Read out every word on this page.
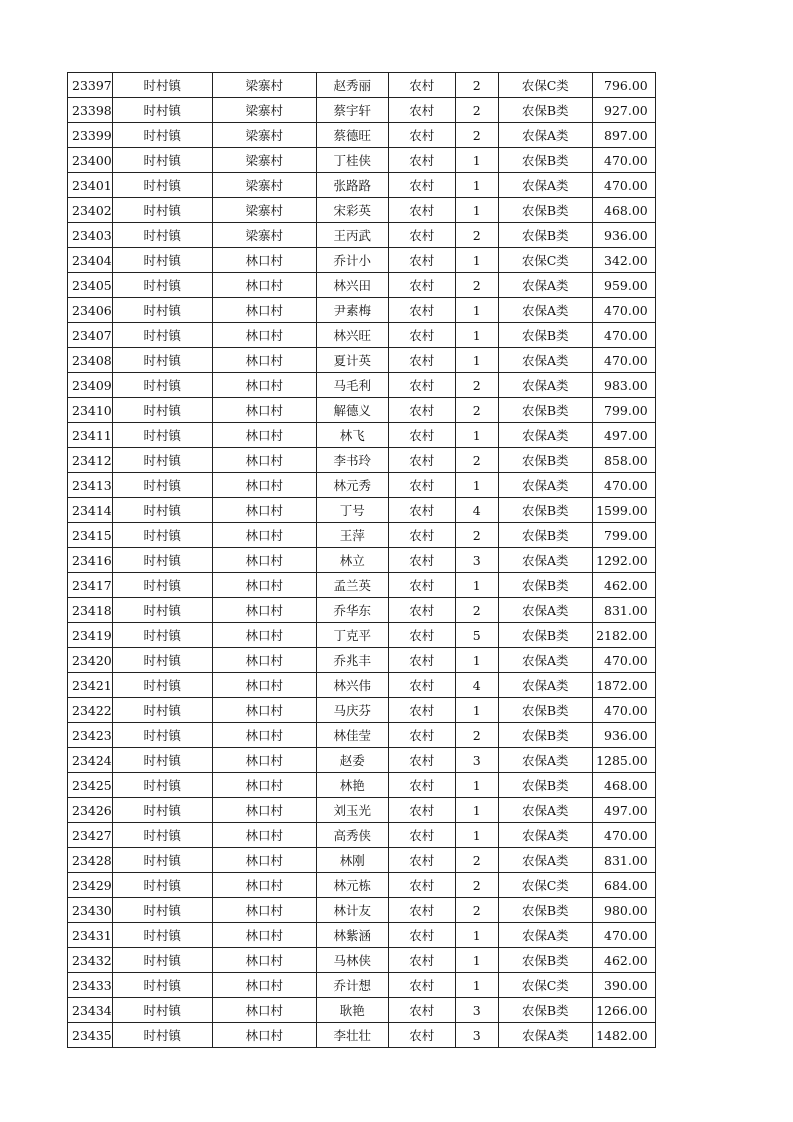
23397	时村镇	梁寨村	赵秀丽	农村	2	农保C类	796.00
23398	时村镇	梁寨村	蔡宇轩	农村	2	农保B类	927.00
23399	时村镇	梁寨村	蔡德旺	农村	2	农保A类	897.00
23400	时村镇	梁寨村	丁桂侠	农村	1	农保B类	470.00
23401	时村镇	梁寨村	张路路	农村	1	农保A类	470.00
23402	时村镇	梁寨村	宋彩英	农村	1	农保B类	468.00
23403	时村镇	梁寨村	王丙武	农村	2	农保B类	936.00
23404	时村镇	林口村	乔计小	农村	1	农保C类	342.00
23405	时村镇	林口村	林兴田	农村	2	农保A类	959.00
23406	时村镇	林口村	尹素梅	农村	1	农保A类	470.00
23407	时村镇	林口村	林兴旺	农村	1	农保B类	470.00
23408	时村镇	林口村	夏计英	农村	1	农保A类	470.00
23409	时村镇	林口村	马毛利	农村	2	农保A类	983.00
23410	时村镇	林口村	解德义	农村	2	农保B类	799.00
23411	时村镇	林口村	林飞	农村	1	农保A类	497.00
23412	时村镇	林口村	李书玲	农村	2	农保B类	858.00
23413	时村镇	林口村	林元秀	农村	1	农保A类	470.00
23414	时村镇	林口村	丁号	农村	4	农保B类	1599.00
23415	时村镇	林口村	王萍	农村	2	农保B类	799.00
23416	时村镇	林口村	林立	农村	3	农保A类	1292.00
23417	时村镇	林口村	孟兰英	农村	1	农保B类	462.00
23418	时村镇	林口村	乔华东	农村	2	农保A类	831.00
23419	时村镇	林口村	丁克平	农村	5	农保B类	2182.00
23420	时村镇	林口村	乔兆丰	农村	1	农保A类	470.00
23421	时村镇	林口村	林兴伟	农村	4	农保A类	1872.00
23422	时村镇	林口村	马庆芬	农村	1	农保B类	470.00
23423	时村镇	林口村	林佳莹	农村	2	农保B类	936.00
23424	时村镇	林口村	赵委	农村	3	农保A类	1285.00
23425	时村镇	林口村	林艳	农村	1	农保B类	468.00
23426	时村镇	林口村	刘玉光	农村	1	农保A类	497.00
23427	时村镇	林口村	高秀侠	农村	1	农保A类	470.00
23428	时村镇	林口村	林刚	农村	2	农保A类	831.00
23429	时村镇	林口村	林元栋	农村	2	农保C类	684.00
23430	时村镇	林口村	林计友	农村	2	农保B类	980.00
23431	时村镇	林口村	林紫涵	农村	1	农保A类	470.00
23432	时村镇	林口村	马林侠	农村	1	农保B类	462.00
23433	时村镇	林口村	乔计想	农村	1	农保C类	390.00
23434	时村镇	林口村	耿艳	农村	3	农保B类	1266.00
23435	时村镇	林口村	李壮壮	农村	3	农保A类	1482.00
